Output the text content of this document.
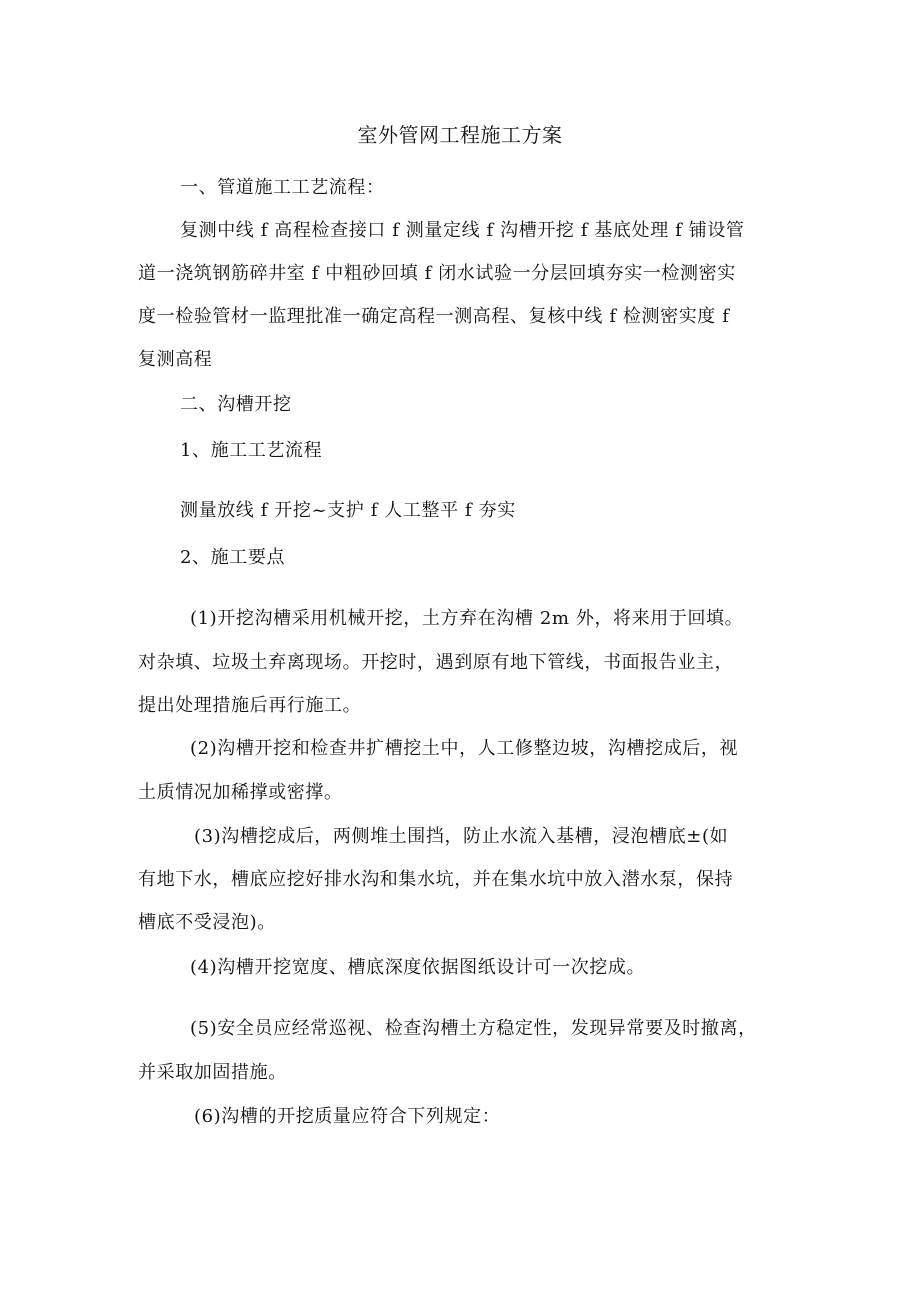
室外管网工程施工方案
一、管道施工工艺流程：
复测中线 f 高程检查接口 f 测量定线 f 沟槽开挖 f 基底处理 f 铺设管
道一浇筑钢筋碎井室 f 中粗砂回填 f 闭水试验一分层回填夯实一检测密实
度一检验管材一监理批准一确定高程一测高程、复核中线 f 检测密实度 f
复测高程
二、沟槽开挖
1、施工工艺流程
测量放线 f 开挖~支护 f 人工整平 f 夯实
2、施工要点
(1)开挖沟槽采用机械开挖，土方弃在沟槽 2m 外，将来用于回填。
对杂填、垃圾土弃离现场。开挖时，遇到原有地下管线，书面报告业主，
提出处理措施后再行施工。
(2)沟槽开挖和检查井扩槽挖土中，人工修整边坡，沟槽挖成后，视
土质情况加稀撑或密撑。
(3)沟槽挖成后，两侧堆土围挡，防止水流入基槽，浸泡槽底±(如
有地下水，槽底应挖好排水沟和集水坑，并在集水坑中放入潜水泵，保持
槽底不受浸泡)。
(4)沟槽开挖宽度、槽底深度依据图纸设计可一次挖成。
(5)安全员应经常巡视、检查沟槽土方稳定性，发现异常要及时撤离，
并采取加固措施。
(6)沟槽的开挖质量应符合下列规定：
